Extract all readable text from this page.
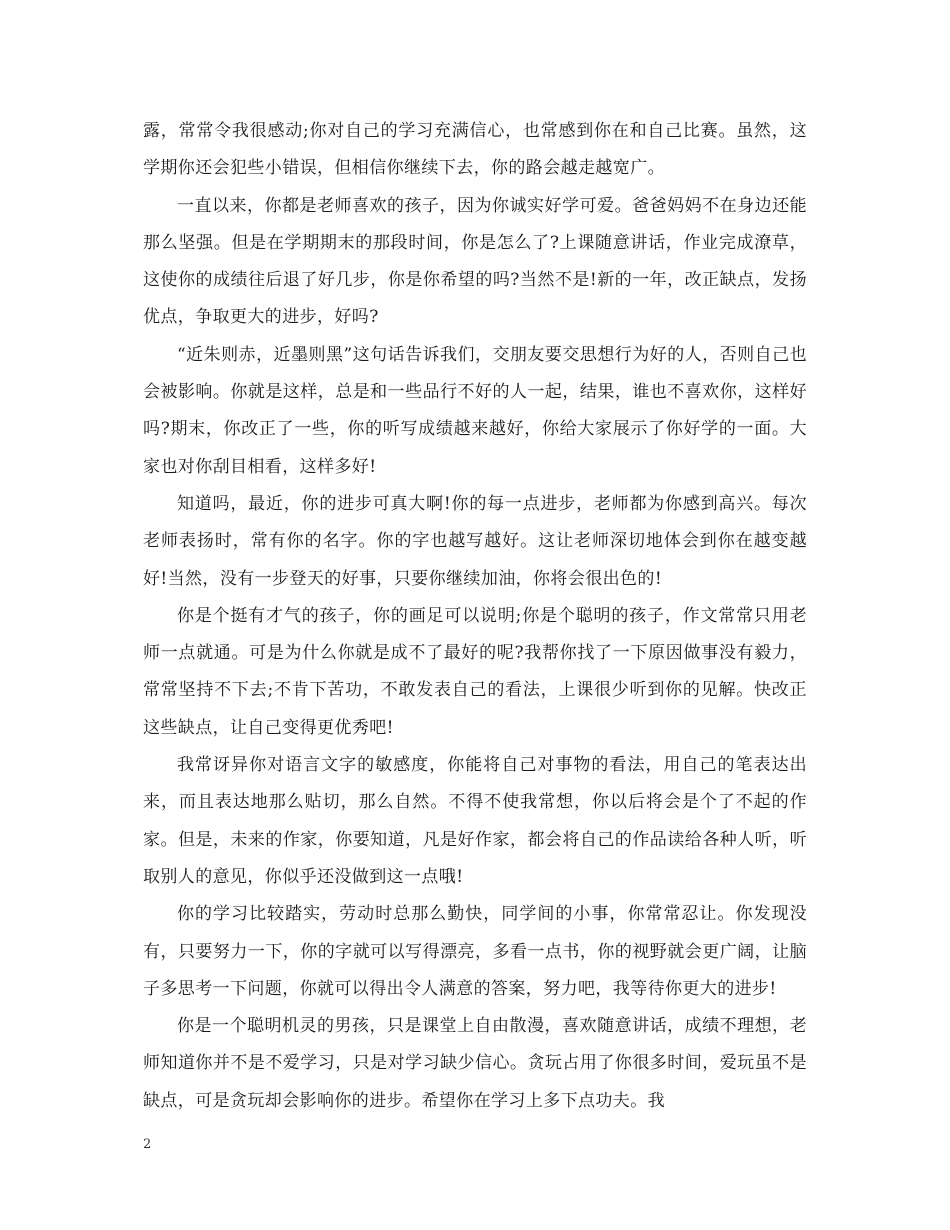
露，常常令我很感动;你对自己的学习充满信心，也常感到你在和自己比赛。虽然，这学期你还会犯些小错误，但相信你继续下去，你的路会越走越宽广。

一直以来，你都是老师喜欢的孩子，因为你诚实好学可爱。爸爸妈妈不在身边还能那么坚强。但是在学期期末的那段时间，你是怎么了?上课随意讲话，作业完成潦草，这使你的成绩往后退了好几步，你是你希望的吗?当然不是!新的一年，改正缺点，发扬优点，争取更大的进步，好吗?

“近朱则赤，近墨则黑”这句话告诉我们，交朋友要交思想行为好的人，否则自己也会被影响。你就是这样，总是和一些品行不好的人一起，结果，谁也不喜欢你，这样好吗?期末，你改正了一些，你的听写成绩越来越好，你给大家展示了你好学的一面。大家也对你刮目相看，这样多好!

知道吗，最近，你的进步可真大啊!你的每一点进步，老师都为你感到高兴。每次老师表扬时，常有你的名字。你的字也越写越好。这让老师深切地体会到你在越变越好!当然，没有一步登天的好事，只要你继续加油，你将会很出色的!

你是个挺有才气的孩子，你的画足可以说明;你是个聪明的孩子，作文常常只用老师一点就通。可是为什么你就是成不了最好的呢?我帮你找了一下原因做事没有毅力，常常坚持不下去;不肯下苦功，不敢发表自己的看法，上课很少听到你的见解。快改正这些缺点，让自己变得更优秀吧!

我常讶异你对语言文字的敏感度，你能将自己对事物的看法，用自己的笔表达出来，而且表达地那么贴切，那么自然。不得不使我常想，你以后将会是个了不起的作家。但是，未来的作家，你要知道，凡是好作家，都会将自己的作品读给各种人听，听取别人的意见，你似乎还没做到这一点哦!

你的学习比较踏实，劳动时总那么勤快，同学间的小事，你常常忍让。你发现没有，只要努力一下，你的字就可以写得漂亮，多看一点书，你的视野就会更广阔，让脑子多思考一下问题，你就可以得出令人满意的答案，努力吧，我等待你更大的进步!

你是一个聪明机灵的男孩，只是课堂上自由散漫，喜欢随意讲话，成绩不理想，老师知道你并不是不爱学习，只是对学习缺少信心。贪玩占用了你很多时间，爱玩虽不是缺点，可是贪玩却会影响你的进步。希望你在学习上多下点功夫。我

2
